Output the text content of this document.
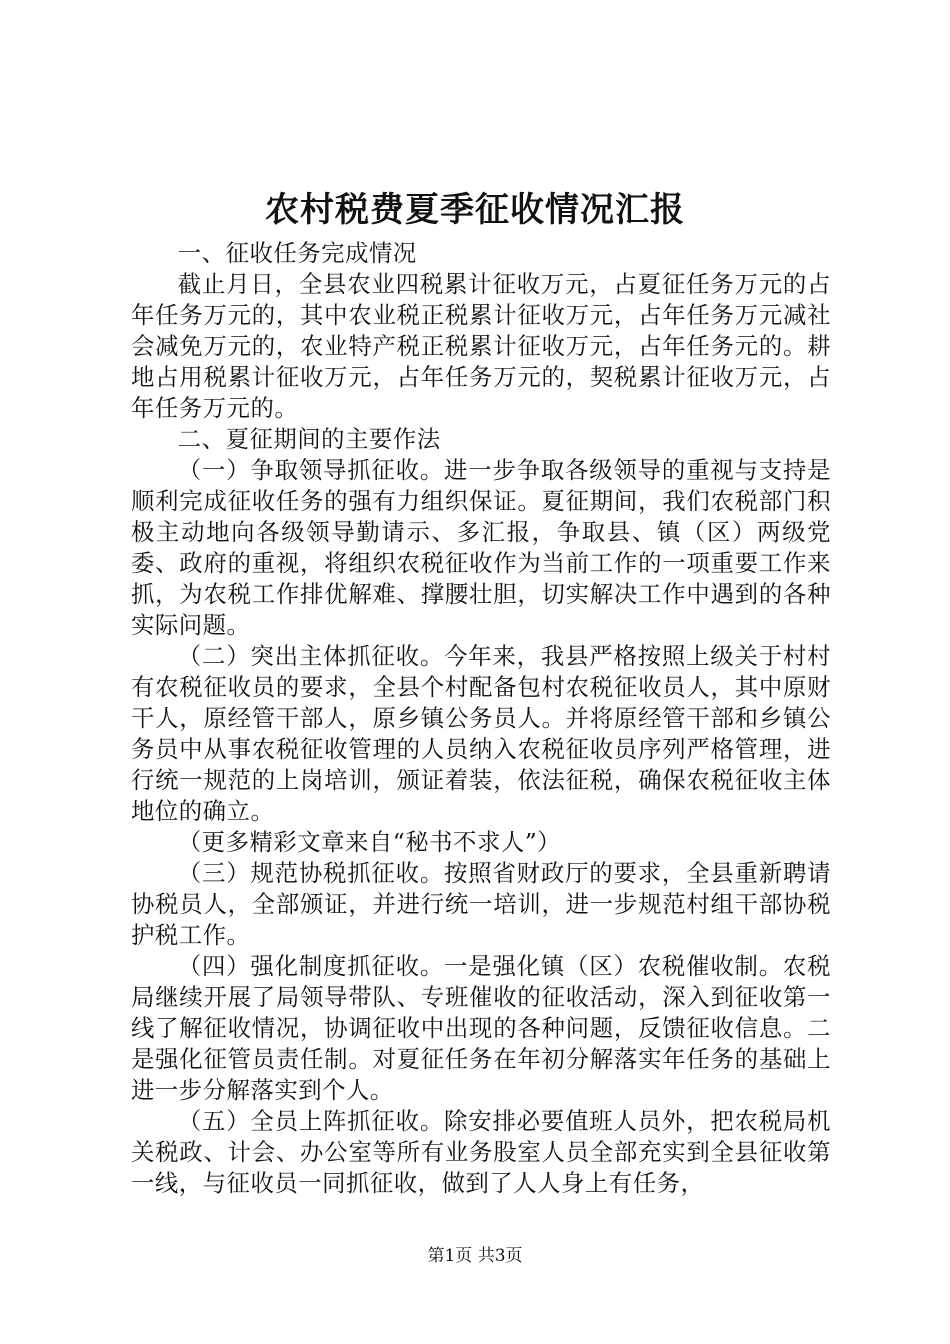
农村税费夏季征收情况汇报

一、征收任务完成情况

截止月日，全县农业四税累计征收万元，占夏征任务万元的占年任务万元的，其中农业税正税累计征收万元，占年任务万元减社会减免万元的，农业特产税正税累计征收万元，占年任务元的。耕地占用税累计征收万元，占年任务万元的，契税累计征收万元，占年任务万元的。

二、夏征期间的主要作法

（一）争取领导抓征收。进一步争取各级领导的重视与支持是顺利完成征收任务的强有力组织保证。夏征期间，我们农税部门积极主动地向各级领导勤请示、多汇报，争取县、镇（区）两级党委、政府的重视，将组织农税征收作为当前工作的一项重要工作来抓，为农税工作排优解难、撑腰壮胆，切实解决工作中遇到的各种实际问题。

（二）突出主体抓征收。今年来，我县严格按照上级关于村村有农税征收员的要求，全县个村配备包村农税征收员人，其中原财干人，原经管干部人，原乡镇公务员人。并将原经管干部和乡镇公务员中从事农税征收管理的人员纳入农税征收员序列严格管理，进行统一规范的上岗培训，颁证着装，依法征税，确保农税征收主体地位的确立。

（更多精彩文章来自“秘书不求人”）

（三）规范协税抓征收。按照省财政厅的要求，全县重新聘请协税员人，全部颁证，并进行统一培训，进一步规范村组干部协税护税工作。

（四）强化制度抓征收。一是强化镇（区）农税催收制。农税局继续开展了局领导带队、专班催收的征收活动，深入到征收第一线了解征收情况，协调征收中出现的各种问题，反馈征收信息。二是强化征管员责任制。对夏征任务在年初分解落实年任务的基础上进一步分解落实到个人。

（五）全员上阵抓征收。除安排必要值班人员外，把农税局机关税政、计会、办公室等所有业务股室人员全部充实到全县征收第一线，与征收员一同抓征收，做到了人人身上有任务，

第1页 共3页
